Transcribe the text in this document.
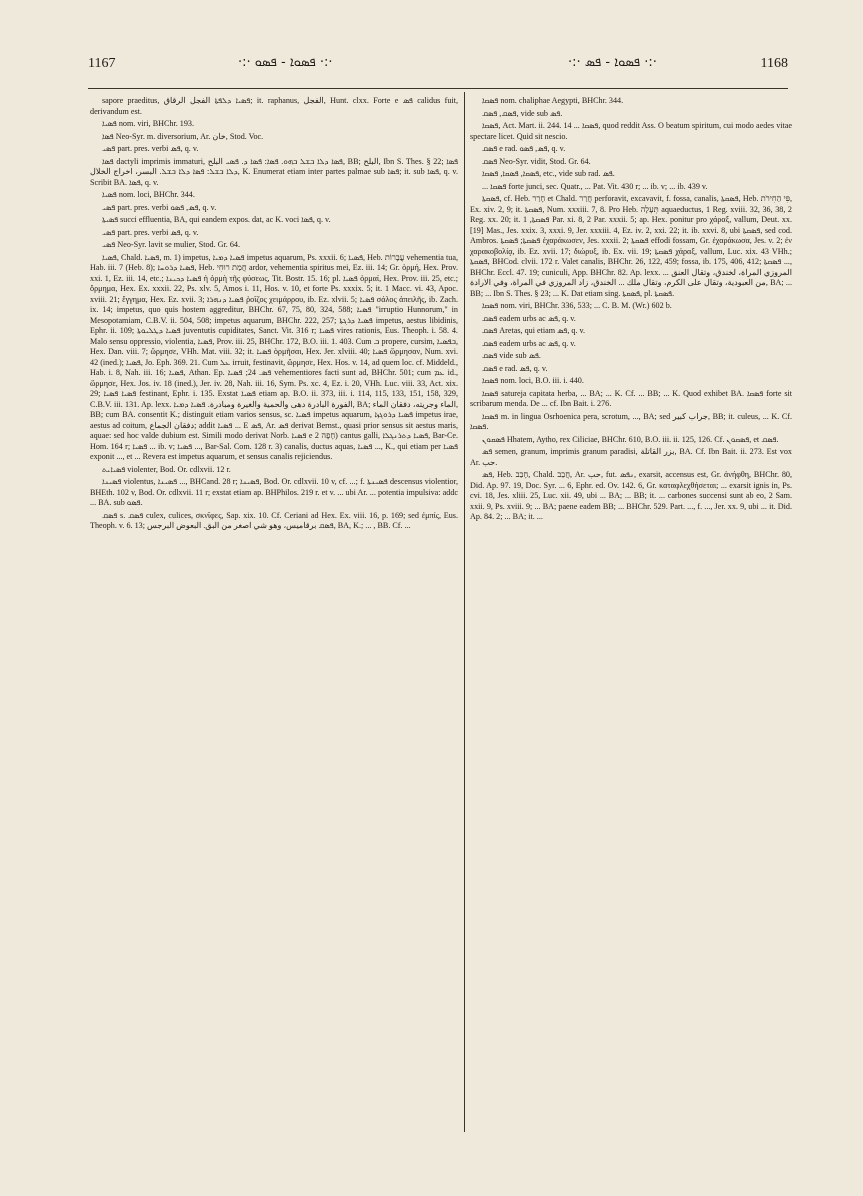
1167	·:· ܦܣܘܐ - ܦܣܘ ·:·	·:· ܦܣܘܐ - ܦܣ ·:·	1168

sapore praeditus, ܦܣܝܐ ܕܠܦܬܐ الفجل الرقاق; it. raphanus, الفجل, Hunt. clxx. Forte e ܦܣ calidus fuit, derivandum est.

ܦܣܝܐ nom. viri, BHChr. 193.

ܦܣܐ Neo-Syr. m. diversorium, Ar. خان, Stod. Voc.

ܦܣܝ part. pres. verbi ܦܣ, q. v.

ܦܣܐ dactyli imprimis immaturi, ܦܣܐ ܕܠܐ ܒܫܠ ܒܗܘ. ܦܣܐ: ܦܣܐ ܕ. ܦܣܝ البلح, BB; البلح, Ibn S. Thes. § 22; ܦܣܐ ܕܠܐ ܒܫܠ: ܦܣܐ ܕܠܐ ܒܫܠ. البسر، اخراج الخلال, K. Enumerat etiam inter partes palmae sub ܦܣܐ; it. sub ܦܣܐ, q. v. Scribit BA. ܦܣܐ, q. v.

ܦܣܝܐ nom. loci, BHChr. 344.

ܦܣܝ part. pres. verbi ܦܣ, ܦܣܘ, q. v.

ܦܣܝܬܐ succi effluentia, BA, qui eandem expos. dat, ac K. voci ܦܣܐ, q. v.

ܦܣܝ part. pres. verbi ܦܣ, q. v.

ܦܣܝ Neo-Syr. lavit se mulier, Stod. Gr. 64.

ܦܣܝܐ, Chald. ܦܣܝܐ, m. 1) impetus, ܦܣܝܐ ܕܡܝܐ impetus aquarum, Ps. xxxii. 6; ܦܣܝܐ, Heb. עֲבָרוֹת vehementia tua, Hab. iii. 7 (Heb. 8); ܦܣܝܐ ܕܪܘܚܐ, Heb. חֲמַת רוּחִי ardor, vehementia spiritus mei, Ez. iii. 14; Gr. ὁρμή, Hex. Prov. xxi. 1, Ez. iii. 14, etc.; ܦܣܝܐ ܕܟܝܢܐ ἡ ὁρμὴ τῆς φύσεως, Tit. Bostr. 15. 16; pl. ܦܣܝܐ ὁρμαί, Hex. Prov. iii. 25, etc.; ὅρμημα, Hex. Ex. xxxii. 22, Ps. xlv. 5, Amos i. 11, Hos. v. 10, et forte Ps. xxxix. 5; it. 1 Macc. vi. 43, Apoc. xviii. 21; ἔγγημα, Hex. Ez. xvii. 3; ܦܣܝܐ ܕܢܗܪܐ ῥοῖζος χειμάρρου, ib. Ez. xlvii. 5; ܦܣܝܐ σάλος ἀπειλῆς, ib. Zach. ix. 14; impetus, quo quis hostem aggreditur, BHChr. 67, 75, 80, 324, 588; ܦܣܝܐ "irruptio Hunnorum," in Mesopotamiam, C.B.V. ii. 504, 508; impetus aquarum, BHChr. 222, 257; ܦܣܝܐ ܕܪܓܬܐ impetus, aestus libidinis, Ephr. ii. 109; ܦܣܝܐ ܕܛܠܝܘܬܐ juventutis cupiditates, Sanct. Vit. 316 r; ܦܣܝܐ vires rationis, Eus. Theoph. i. 58. 4. Malo sensu oppressio, violentia, ܦܣܝܐ, Prov. iii. 25, BHChr. 172, B.O. iii. 1. 403. Cum ܒ propere, cursim, ܒܦܣܝܐ, Hex. Dan. viii. 7; ὥρμησε, VHh. Mat. viii. 32; it. ܦܣܝܐ ὁρμῆσαι, Hex. Jer. xlviii. 40; ܦܣܝܐ ὥρμησαν, Num. xvi. 42 (ined.); ܦܣܝܐ, Jo. Eph. 369. 21. Cum ܥܠ irruit, festinavit, ὥρμησε, Hex. Hos. v. 14, ad quem loc. cf. Middeld., Hab. i. 8, Nah. iii. 16; ܦܣܝܐ, Athan. Ep. ܦܣ. 24; ܦܣܝܐ vehementiores facti sunt ad, BHChr. 501; cum ܥܡ id., ὥρμησε, Hex. Jos. iv. 18 (ined.), Jer. iv. 28, Nah. iii. 16, Sym. Ps. xc. 4, Ez. i. 20, VHh. Luc. viii. 33, Act. xix. 29; ܦܣܝܐ ܦܣܝܐ festinant, Ephr. i. 135. Exstat ܦܣܝܐ etiam ap. B.O. ii. 373, iii. i. 114, 115, 133, 151, 158, 329, C.B.V. iii. 131. Ap. lexx. الفورة البادرة دهى والحمية والغيرة ومبادرة. ܦܣܝܐ ܕܡܝܐ, BA; الماء وجريته، دفقان الماء, BB; cum BA. consentit K.; distinguit etiam varios sensus, sc. ܦܣܝܐ impetus aquarum, ܦܣܝܐ ܕܪܘܓܙܐ impetus irae, aestus ad coitum, دفقان الجماع; addit ܦܣܝܐ ... E ܦܣ, Ar. ܦܣ derivat Bernst., quasi prior sensus sit aestus maris, aquae: sed hoc valde dubium est. Simili modo derivat Norb. ܦܣܝܐ e חָפָה 2) cantus galli, ܦܣܝܐ ܕܬܪܢܓܠܐ, Bar-Ce. Hom. 164 r; ܦܣܝܐ ... ib. v; ܦܣܝܐ ..., Bar-Sal. Com. 128 r. 3) canalis, ductus aquas, ܦܣܝܐ ..., K., qui etiam per ܦܣܝܐ exponit ..., et ... Revera est impetus aquarum, et sensus canalis rejiciendus.

ܦܣܝܐܝܬ violenter, Bod. Or. cdlxvii. 12 r.

ܦܣܝܢܐ violentus, ܦܣܝܢܐ ..., BHCand. 28 r; ܦܣܝܢܐ, Bod. Or. cdlxvii. 10 v, cf. ...; f. ܦܣܝܢܬܐ descensus violentior, BHEth. 102 v, Bod. Or. cdlxvii. 11 r; exstat etiam ap. BHPhilos. 219 r. et v. ... ubi Ar. ... potentia impulsiva: addc ... BA. sub ܦܣܘ.

ܦܣܩ s. ܦܣܩ culex, culices, σκνῖφες, Sap. xix. 10. Cf. Ceriani ad Hex. Ex. viii. 16, p. 169; sed ἐμπίς, Eus. Theoph. v. 6. 13; ܦܣܩ برقاميس، وهو شي اصغر من البق. البعوض البرجس, BA, K.; ... , BB. Cf. ...

ܦܣܩܐ nom. chaliphae Aegypti, BHChr. 344.

ܦܣܩ, ܦܣܩ, vide sub ܦܣ.

ܦܣܩܐ, Act. Mart. ii. 244. 14 ... ܦܣܩܐ, quod reddit Ass. O beatum spiritum, cui modo aedes vitae spectare licet. Quid sit nescio.

ܦܣܩ e rad. ܦܣ, ܦܣܘ, q. v.

ܦܣܩ Neo-Syr. vidit, Stod. Gr. 64.

ܦܣܩܐ, ܦܣܩܐ, ܦܣܩܐ, etc., vide sub rad. ܦܣ.

... ܦܣܩܐ forte junci, sec. Quatr., ... Pat. Vit. 430 r; ... ib. v; ... ib. 439 v.

ܦܣܩܬܐ, cf. Heb. חָרַר et Chald. חֲרַר perforavit, excavavit, f. fossa, canalis, ܦܣܩܬܐ, Heb. פִּי הַחִירֹת, Ex. xiv. 2, 9; it. ܦܣܩܬܐ, Num. xxxiii. 7, 8. Pro Heb. תְּעָלָה aquaeductus, 1 Reg. xviii. 32, 36, 38, 2 Reg. xx. 20; it. ܦܣܩܬܐ, 1 Par. xi. 8, 2 Par. xxxii. 5; ap. Hex. ponitur pro χάραξ, vallum, Deut. xx. [19] Mas., Jes. xxix. 3, xxxi. 9, Jer. xxxiii. 4, Ez. iv. 2, xxi. 22; it. ib. xxvi. 8, ubi ܦܣܩܬܐ, sed cod. Ambros. ܦܣܩܬܐ; ܦܣܩܬܐ ἐχαράκωσεν, Jes. xxxii. 2; ܦܣܩܬܐ effodi fossam, Gr. ἐχαράκωσα, Jes. v. 2; ἐν χαρακοβολίᾳ, ib. Ez. xvii. 17; διώρυξ, ib. Ex. vii. 19; ܦܣܩܬܐ χάραξ, vallum, Luc. xix. 43 VHh.; ܦܣܩܬܐ, BHCod. clvii. 172 r. Valet canalis, BHChr. 26, 122, 459; fossa, ib. 175, 406, 412; ܦܣܩܬܐ ..., BHChr. Eccl. 47. 19; cuniculi, App. BHChr. 82. Ap. lexx. ... المروزي المراة، لخندق، وتقال العنق من العبودية، وتقال على الكرم، وتقال ملك ... الخندق، زاد المروزي في المراة، وفي الارادة, BA; ... BB; ... Ibn S. Thes. § 23; ... K. Dat etiam sing. ܦܣܩܬܐ, pl. ܦܣܩܬܐ.

ܦܣܩܐ nom. viri, BHChr. 336, 533; ... C. B. M. (Wr.) 602 b.

ܦܣܩ eadem urbs ac ܦܣ, q. v.

ܦܣܩ Aretas, qui etiam ܦܣ, q. v.

ܦܣܩ eadem urbs ac ܦܣ, q. v.

ܦܣܩ vide sub ܦܣ.

ܦܣܩ e rad. ܦܣ, q. v.

ܦܣܩܐ nom. loci, B.O. iii. i. 440.

ܦܣܩܐ satureja capitata herba, ... BA; ... K. Cf. ... BB; ... K. Quod exhibet BA. ܦܣܩܐ forte sit scribarum menda. De ... cf. Ibn Bait. i. 276.

ܦܣܩܐ m. in lingua Osrhoenica pera, scrotum, ..., BA; sed جراب كبير, BB; it. culeus, ... K. Cf. ܦܣܩܐ.

ܦܣܩܘܢ Hhatem, Aytho, rex Ciliciae, BHChr. 610, B.O. iii. ii. 125, 126. Cf. ܦܣܩܘܢ, et ܦܣܩ.

ܦܣ semen, granum, imprimis granum paradisi, بزر القاتلة, BA. Cf. Ibn Bait. ii. 273. Est vox Ar. حب.

ܦܣ, Heb. חָבַב, Chald. חֲבַב, Ar. حب, fut. ܢܦܣ, exarsit, accensus est, Gr. ἀνήφθη, BHChr. 80, Did. Ap. 97. 19, Doc. Syr. ... 6, Ephr. ed. Ov. 142. 6, Gr. καταφλεχθήσεται; ... exarsit ignis in, Ps. cvi. 18, Jes. xliii. 25, Luc. xii. 49, ubi ... BA; ... BB; it. ... carbones succensi sunt ab eo, 2 Sam. xxii. 9, Ps. xviii. 9; ... BA; paene eadem BB; ... BHChr. 529. Part. ..., f. ..., Jer. xx. 9, ubi ... it. Did. Ap. 84. 2; ... BA; it. ...
